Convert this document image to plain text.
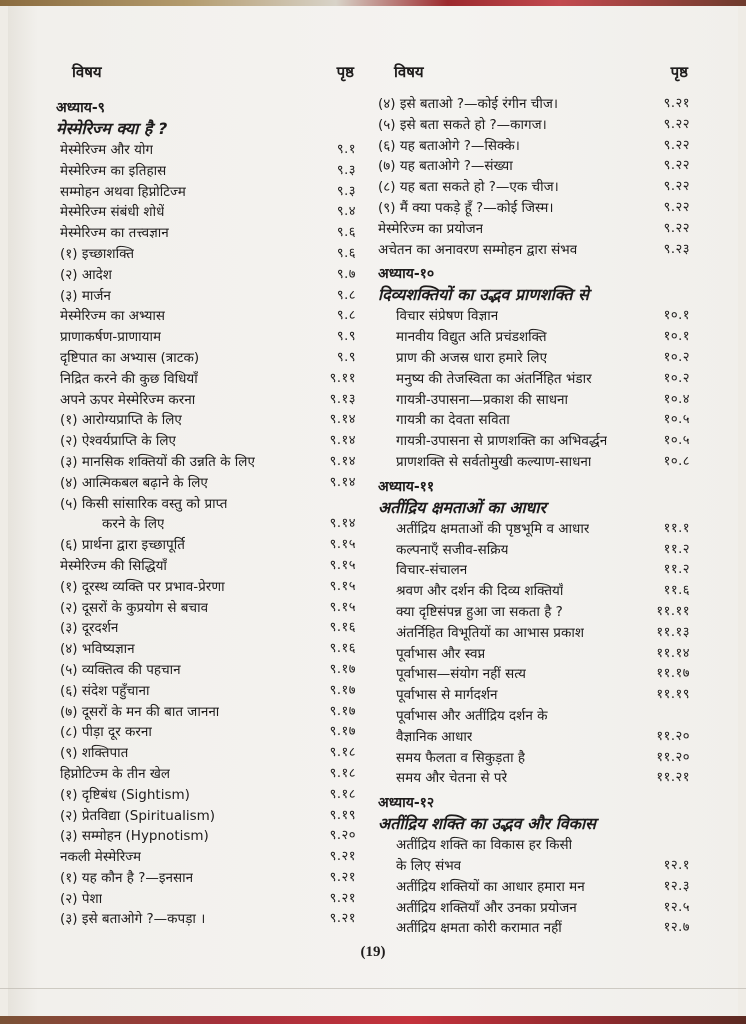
विषय	पृष्ठ
अध्याय-९
मेस्मेरिज्म क्या है ?
मेस्मेरिज्म और योग	९.१
मेस्मेरिज्म का इतिहास	९.३
सम्मोहन अथवा हिप्नोटिज्म	९.३
मेस्मेरिज्म संबंधी शोधें	९.४
मेस्मेरिज्म का तत्त्वज्ञान	९.६
(१) इच्छाशक्ति	९.६
(२) आदेश	९.७
(३) मार्जन	९.८
मेस्मेरिज्म का अभ्यास	९.८
प्राणाकर्षण-प्राणायाम	९.९
दृष्टिपात का अभ्यास (त्राटक)	९.९
निद्रित करने की कुछ विधियाँ	९.११
अपने ऊपर मेस्मेरिज्म करना	९.१३
(१) आरोग्यप्राप्ति के लिए	९.१४
(२) ऐश्वर्यप्राप्ति के लिए	९.१४
(३) मानसिक शक्तियों की उन्नति के लिए	९.१४
(४) आत्मिकबल बढ़ाने के लिए	९.१४
(५) किसी सांसारिक वस्तु को प्राप्त
करने के लिए	९.१४
(६) प्रार्थना द्वारा इच्छापूर्ति	९.१५
मेस्मेरिज्म की सिद्धियाँ	९.१५
(१) दूरस्थ व्यक्ति पर प्रभाव-प्रेरणा	९.१५
(२) दूसरों के कुप्रयोग से बचाव	९.१५
(३) दूरदर्शन	९.१६
(४) भविष्यज्ञान	९.१६
(५) व्यक्तित्व की पहचान	९.१७
(६) संदेश पहुँचाना	९.१७
(७) दूसरों के मन की बात जानना	९.१७
(८) पीड़ा दूर करना	९.१७
(९) शक्तिपात	९.१८
हिप्नोटिज्म के तीन खेल	९.१८
(१) दृष्टिबंध (Sightism)	९.१८
(२) प्रेतविद्या (Spiritualism)	९.१९
(३) सम्मोहन (Hypnotism)	९.२०
नकली मेस्मेरिज्म	९.२१
(१) यह कौन है ?—इनसान	९.२१
(२) पेशा	९.२१
(३) इसे बताओगे ?—कपड़ा ।	९.२१
विषय	पृष्ठ
(४) इसे बताओ ?—कोई रंगीन चीज।	९.२१
(५) इसे बता सकते हो ?—कागज।	९.२२
(६) यह बताओगे ?—सिक्के।	९.२२
(७) यह बताओगे ?—संख्या	९.२२
(८) यह बता सकते हो ?—एक चीज।	९.२२
(९) मैं क्या पकड़े हूँ ?—कोई जिस्म।	९.२२
मेस्मेरिज्म का प्रयोजन	९.२२
अचेतन का अनावरण सम्मोहन द्वारा संभव	९.२३
अध्याय-१०
दिव्यशक्तियों का उद्भव प्राणशक्ति से
विचार संप्रेषण विज्ञान	१०.१
मानवीय विद्युत अति प्रचंडशक्ति	१०.१
प्राण की अजस्र धारा हमारे लिए	१०.२
मनुष्य की तेजस्विता का अंतर्निहित भंडार	१०.२
गायत्री-उपासना—प्रकाश की साधना	१०.४
गायत्री का देवता सविता	१०.५
गायत्री-उपासना से प्राणशक्ति का अभिवर्द्धन	१०.५
प्राणशक्ति से सर्वतोमुखी कल्याण-साधना	१०.८
अध्याय-११
अतींद्रिय क्षमताओं का आधार
अतींद्रिय क्षमताओं की पृष्ठभूमि व आधार	११.१
कल्पनाएँ सजीव-सक्रिय	११.२
विचार-संचालन	११.२
श्रवण और दर्शन की दिव्य शक्तियाँ	११.६
क्या दृष्टिसंपन्न हुआ जा सकता है ?	११.११
अंतर्निहित विभूतियों का आभास प्रकाश	११.१३
पूर्वाभास और स्वप्न	११.१४
पूर्वाभास—संयोग नहीं सत्य	११.१७
पूर्वाभास से मार्गदर्शन	११.१९
पूर्वाभास और अतींद्रिय दर्शन के
वैज्ञानिक आधार	११.२०
समय फैलता व सिकुड़ता है	११.२०
समय और चेतना से परे	११.२१
अध्याय-१२
अतींद्रिय शक्ति का उद्भव और विकास
अतींद्रिय शक्ति का विकास हर किसी
के लिए संभव	१२.१
अतींद्रिय शक्तियों का आधार हमारा मन	१२.३
अतींद्रिय शक्तियाँ और उनका प्रयोजन	१२.५
अतींद्रिय क्षमता कोरी करामात नहीं	१२.७
(19)
